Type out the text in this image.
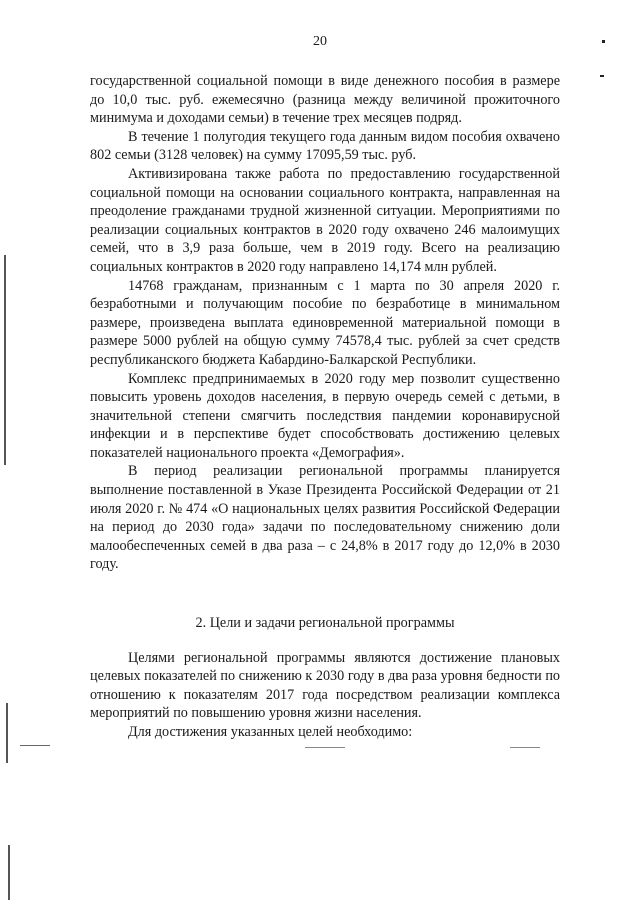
20

государственной социальной помощи в виде денежного пособия в размере до 10,0 тыс. руб. ежемесячно (разница между величиной прожиточного минимума и доходами семьи) в течение трех месяцев подряд.

В течение 1 полугодия текущего года данным видом пособия охвачено 802 семьи (3128 человек) на сумму 17095,59 тыс. руб.

Активизирована также работа по предоставлению государственной социальной помощи на основании социального контракта, направленная на преодоление гражданами трудной жизненной ситуации. Мероприятиями по реализации социальных контрактов в 2020 году охвачено 246 малоимущих семей, что в 3,9 раза больше, чем в 2019 году. Всего на реализацию социальных контрактов в 2020 году направлено 14,174 млн рублей.

14768 гражданам, признанным с 1 марта по 30 апреля 2020 г. безработными и получающим пособие по безработице в минимальном размере, произведена выплата единовременной материальной помощи в размере 5000 рублей на общую сумму 74578,4 тыс. рублей за счет средств республиканского бюджета Кабардино-Балкарской Республики.

Комплекс предпринимаемых в 2020 году мер позволит существенно повысить уровень доходов населения, в первую очередь семей с детьми, в значительной степени смягчить последствия пандемии коронавирусной инфекции и в перспективе будет способствовать достижению целевых показателей национального проекта «Демография».

В период реализации региональной программы планируется выполнение поставленной в Указе Президента Российской Федерации от 21 июля 2020 г. № 474 «О национальных целях развития Российской Федерации на период до 2030 года» задачи по последовательному снижению доли малообеспеченных семей в два раза – с 24,8% в 2017 году до 12,0% в 2030 году.

2. Цели и задачи региональной программы

Целями региональной программы являются достижение плановых целевых показателей по снижению к 2030 году в два раза уровня бедности по отношению к показателям 2017 года посредством реализации комплекса мероприятий по повышению уровня жизни населения.

Для достижения указанных целей необходимо:
